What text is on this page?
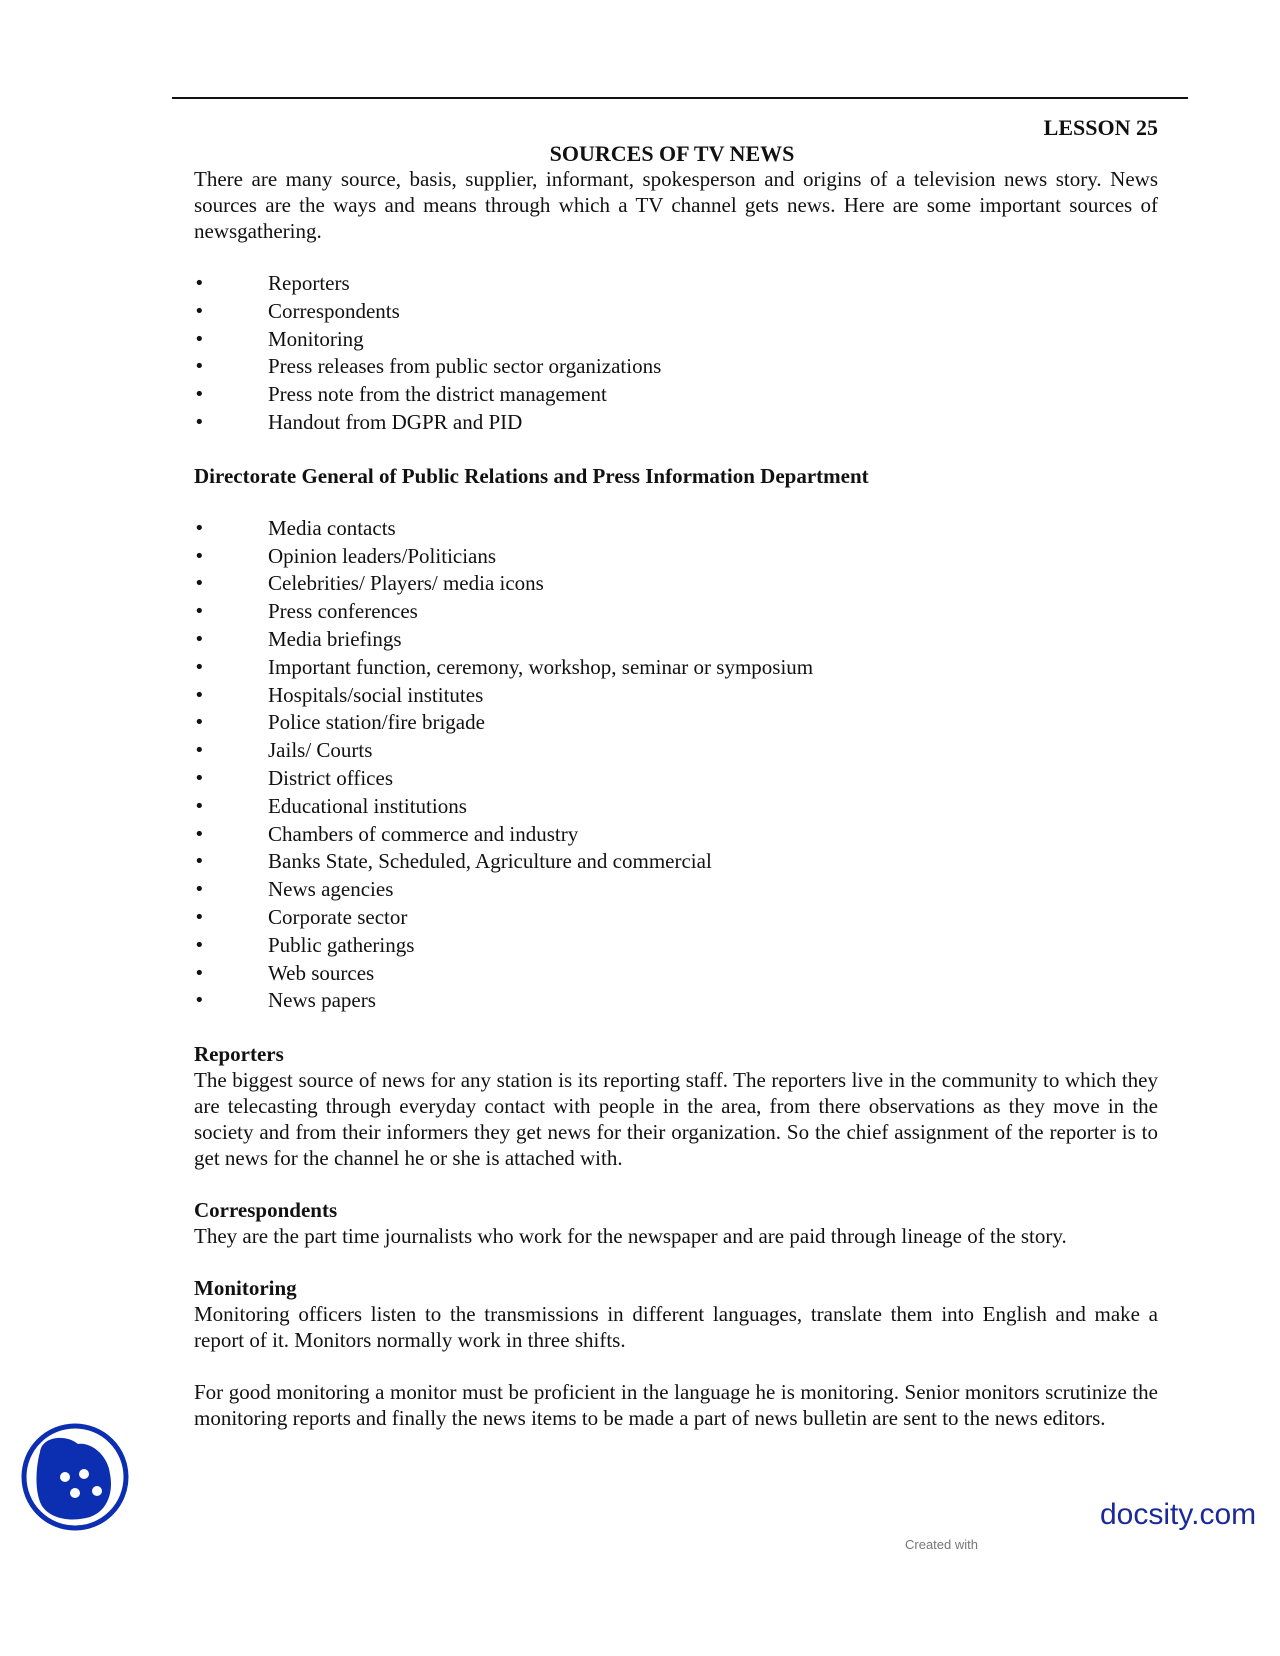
LESSON 25
SOURCES OF TV NEWS

There are many source, basis, supplier, informant, spokesperson and origins of a television news story. News sources are the ways and means through which a TV channel gets news. Here are some important sources of newsgathering.

•	Reporters
•	Correspondents
•	Monitoring
•	Press releases from public sector organizations
•	Press note from the district management
•	Handout from DGPR and PID
Directorate General of Public Relations and Press Information Department
•	Media contacts
•	Opinion leaders/Politicians
•	Celebrities/ Players/ media icons
•	Press conferences
•	Media briefings
•	Important function, ceremony, workshop, seminar or symposium
•	Hospitals/social institutes
•	Police station/fire brigade
•	Jails/ Courts
•	District offices
•	Educational institutions
•	Chambers of commerce and industry
•	Banks State, Scheduled, Agriculture and commercial
•	News agencies
•	Corporate sector
•	Public gatherings
•	Web sources
•	News papers
Reporters

The biggest source of news for any station is its reporting staff. The reporters live in the community to which they are telecasting through everyday contact with people in the area, from there observations as they move in the society and from their informers they get news for their organization. So the chief assignment of the reporter is to get news for the channel he or she is attached with.

Correspondents

They are the part time journalists who work for the newspaper and are paid through lineage of the story.

Monitoring

Monitoring officers listen to the transmissions in different languages, translate them into English and make a report of it. Monitors normally work in three shifts.

For good monitoring a monitor must be proficient in the language he is monitoring. Senior monitors scrutinize the monitoring reports and finally the news items to be made a part of news bulletin are sent to the news editors.

docsity.com
Created with
